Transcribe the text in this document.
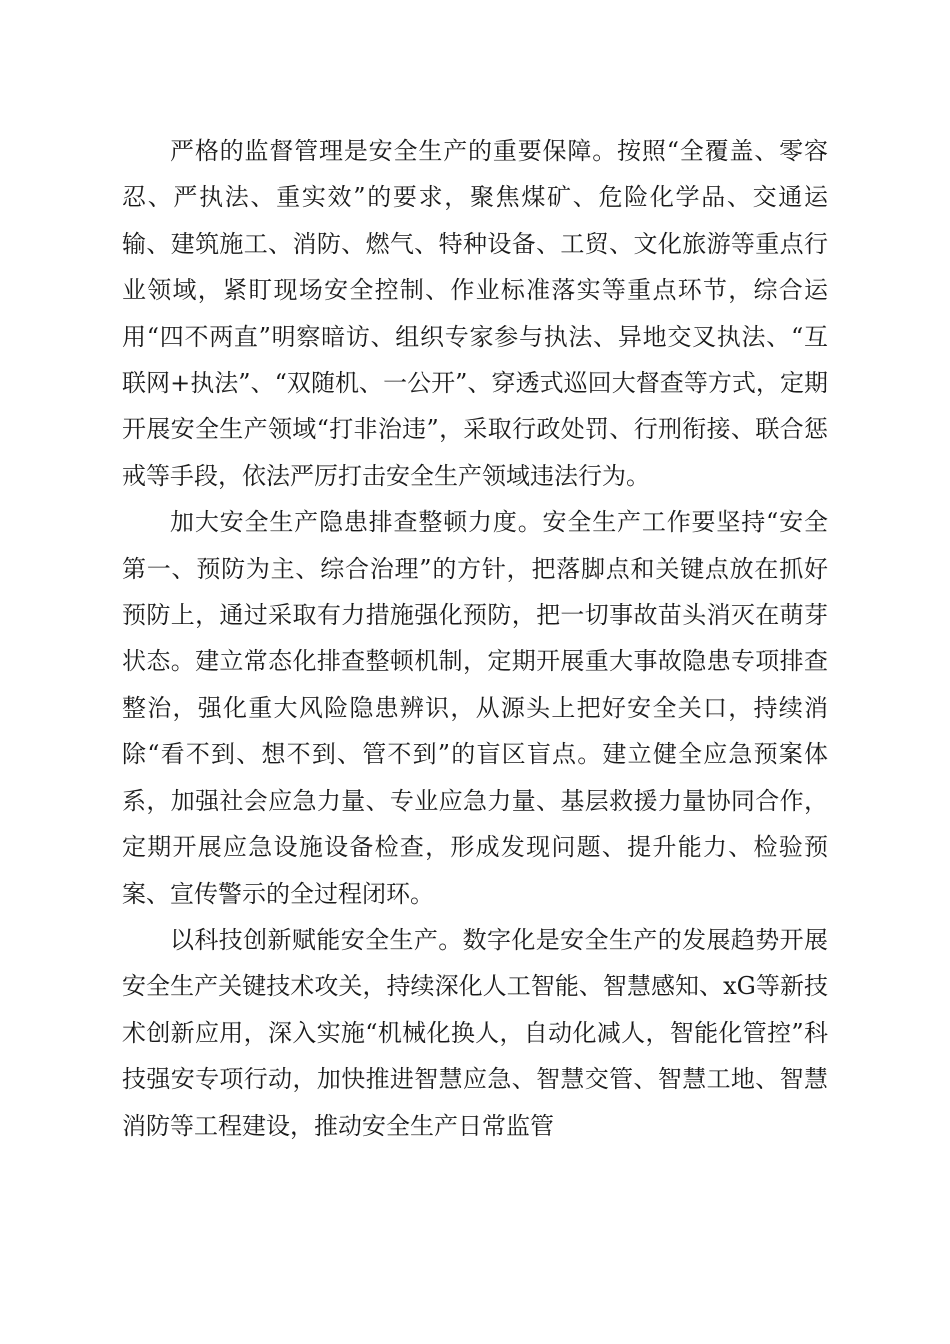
严格的监督管理是安全生产的重要保障。按照“全覆盖、零容忍、严执法、重实效”的要求，聚焦煤矿、危险化学品、交通运输、建筑施工、消防、燃气、特种设备、工贸、文化旅游等重点行业领域，紧盯现场安全控制、作业标准落实等重点环节，综合运用“四不两直”明察暗访、组织专家参与执法、异地交叉执法、“互联网+执法”、“双随机、一公开”、穿透式巡回大督查等方式，定期开展安全生产领域“打非治违”，采取行政处罚、行刑衔接、联合惩戒等手段，依法严厉打击安全生产领域违法行为。

加大安全生产隐患排查整顿力度。安全生产工作要坚持“安全第一、预防为主、综合治理”的方针，把落脚点和关键点放在抓好预防上，通过采取有力措施强化预防，把一切事故苗头消灭在萌芽状态。建立常态化排查整顿机制，定期开展重大事故隐患专项排查整治，强化重大风险隐患辨识，从源头上把好安全关口，持续消除“看不到、想不到、管不到”的盲区盲点。建立健全应急预案体系，加强社会应急力量、专业应急力量、基层救援力量协同合作，定期开展应急设施设备检查，形成发现问题、提升能力、检验预案、宣传警示的全过程闭环。

以科技创新赋能安全生产。数字化是安全生产的发展趋势开展安全生产关键技术攻关，持续深化人工智能、智慧感知、xG等新技术创新应用，深入实施“机械化换人，自动化减人，智能化管控”科技强安专项行动，加快推进智慧应急、智慧交管、智慧工地、智慧消防等工程建设，推动安全生产日常监管
